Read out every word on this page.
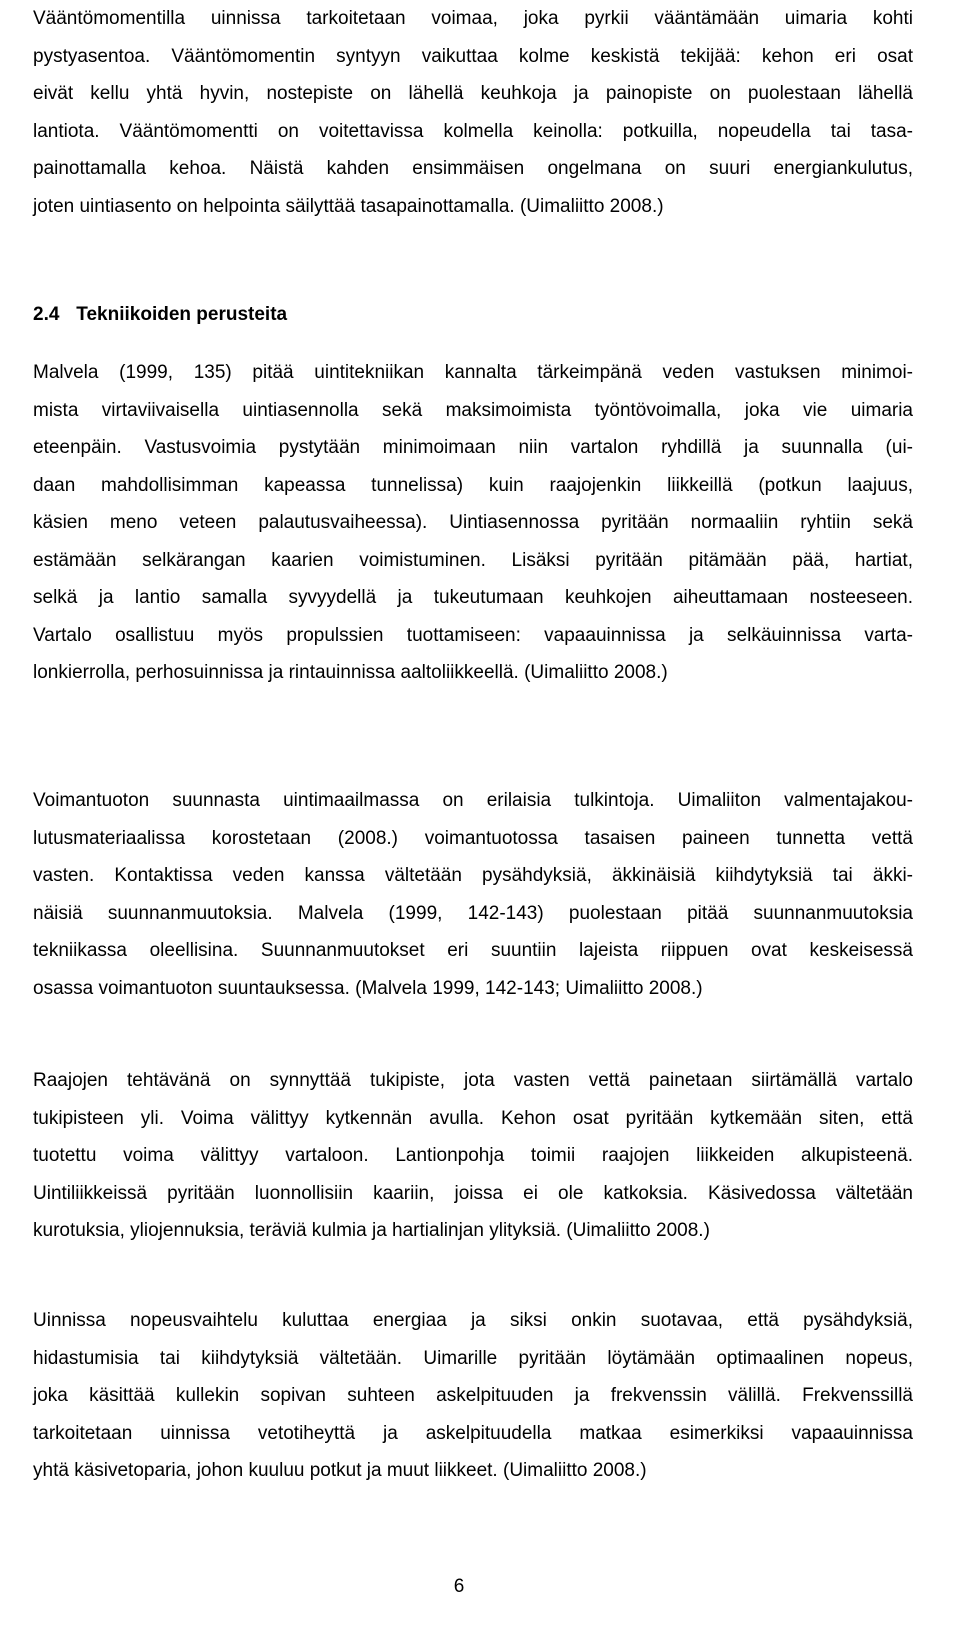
Vääntömomentilla uinnissa tarkoitetaan voimaa, joka pyrkii vääntämään uimaria kohti
pystyasentoa. Vääntömomentin syntyyn vaikuttaa kolme keskistä tekijää: kehon eri osat
eivät kellu yhtä hyvin, nostepiste on lähellä keuhkoja ja painopiste on puolestaan lähellä
lantiota. Vääntömomentti on voitettavissa kolmella keinolla: potkuilla, nopeudella tai tasa-
painottamalla kehoa. Näistä kahden ensimmäisen ongelmana on suuri energiankulutus,
joten uintiasento on helpointa säilyttää tasapainottamalla. (Uimaliitto 2008.)

2.4 Tekniikoiden perusteita

Malvela (1999, 135) pitää uintitekniikan kannalta tärkeimpänä veden vastuksen minimoi-
mista virtaviivaisella uintiasennolla sekä maksimoimista työntövoimalla, joka vie uimaria
eteenpäin. Vastusvoimia pystytään minimoimaan niin vartalon ryhdillä ja suunnalla (ui-
daan mahdollisimman kapeassa tunnelissa) kuin raajojenkin liikkeillä (potkun laajuus,
käsien meno veteen palautusvaiheessa). Uintiasennossa pyritään normaaliin ryhtiin sekä
estämään selkärangan kaarien voimistuminen. Lisäksi pyritään pitämään pää, hartiat,
selkä ja lantio samalla syvyydellä ja tukeutumaan keuhkojen aiheuttamaan nosteeseen.
Vartalo osallistuu myös propulssien tuottamiseen: vapaauinnissa ja selkäuinnissa varta-
lonkierrolla, perhosuinnissa ja rintauinnissa aaltoliikkeellä. (Uimaliitto 2008.)

Voimantuoton suunnasta uintimaailmassa on erilaisia tulkintoja. Uimaliiton valmentajakou-
lutusmateriaalissa korostetaan (2008.) voimantuotossa tasaisen paineen tunnetta vettä
vasten. Kontaktissa veden kanssa vältetään pysähdyksiä, äkkinäisiä kiihdytyksiä tai äkki-
näisiä suunnanmuutoksia. Malvela (1999, 142-143) puolestaan pitää suunnanmuutoksia
tekniikassa oleellisina. Suunnanmuutokset eri suuntiin lajeista riippuen ovat keskeisessä
osassa voimantuoton suuntauksessa. (Malvela 1999, 142-143; Uimaliitto 2008.)

Raajojen tehtävänä on synnyttää tukipiste, jota vasten vettä painetaan siirtämällä vartalo
tukipisteen yli. Voima välittyy kytkennän avulla. Kehon osat pyritään kytkemään siten, että
tuotettu voima välittyy vartaloon. Lantionpohja toimii raajojen liikkeiden alkupisteenä.
Uintiliikkeissä pyritään luonnollisiin kaariin, joissa ei ole katkoksia. Käsivedossa vältetään
kurotuksia, yliojennuksia, teräviä kulmia ja hartialinjan ylityksiä. (Uimaliitto 2008.)

Uinnissa nopeusvaihtelu kuluttaa energiaa ja siksi onkin suotavaa, että pysähdyksiä,
hidastumisia tai kiihdytyksiä vältetään. Uimarille pyritään löytämään optimaalinen nopeus,
joka käsittää kullekin sopivan suhteen askelpituuden ja frekvenssin välillä. Frekvenssillä
tarkoitetaan uinnissa vetotiheyttä ja askelpituudella matkaa esimerkiksi vapaauinnissa
yhtä käsivetoparia, johon kuuluu potkut ja muut liikkeet. (Uimaliitto 2008.)

6
